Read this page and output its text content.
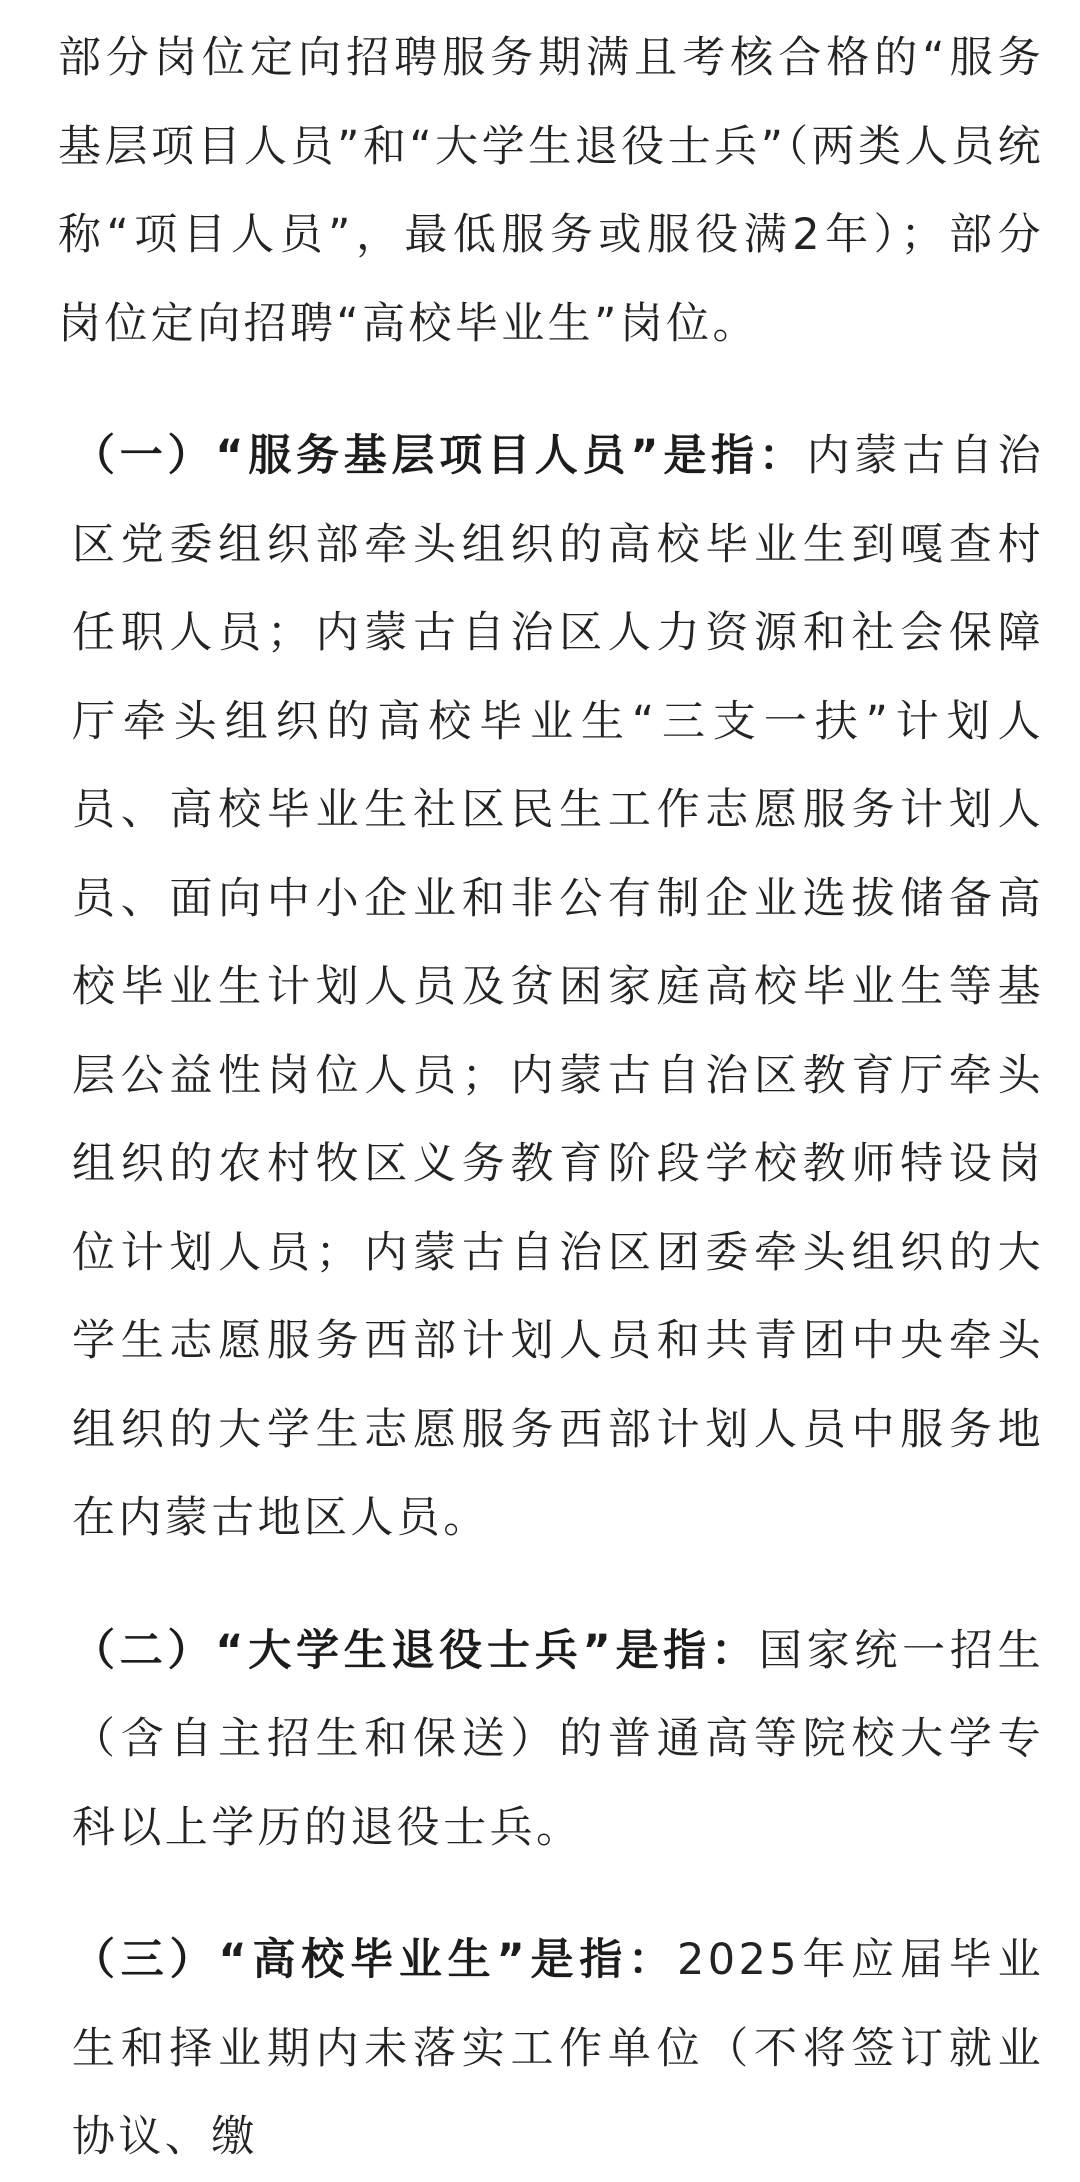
部分岗位定向招聘服务期满且考核合格的“服务基层项目人员”和“大学生退役士兵”（两类人员统称“项目人员”，最低服务或服役满2年）；部分岗位定向招聘“高校毕业生”岗位。

（一）“服务基层项目人员”是指：内蒙古自治区党委组织部牵头组织的高校毕业生到嘎查村任职人员；内蒙古自治区人力资源和社会保障厅牵头组织的高校毕业生“三支一扶”计划人员、高校毕业生社区民生工作志愿服务计划人员、面向中小企业和非公有制企业选拔储备高校毕业生计划人员及贫困家庭高校毕业生等基层公益性岗位人员；内蒙古自治区教育厅牵头组织的农村牧区义务教育阶段学校教师特设岗位计划人员；内蒙古自治区团委牵头组织的大学生志愿服务西部计划人员和共青团中央牵头组织的大学生志愿服务西部计划人员中服务地在内蒙古地区人员。

（二）“大学生退役士兵”是指：国家统一招生（含自主招生和保送）的普通高等院校大学专科以上学历的退役士兵。

（三）“高校毕业生”是指：2025年应届毕业生和择业期内未落实工作单位（不将签订就业协议、缴
